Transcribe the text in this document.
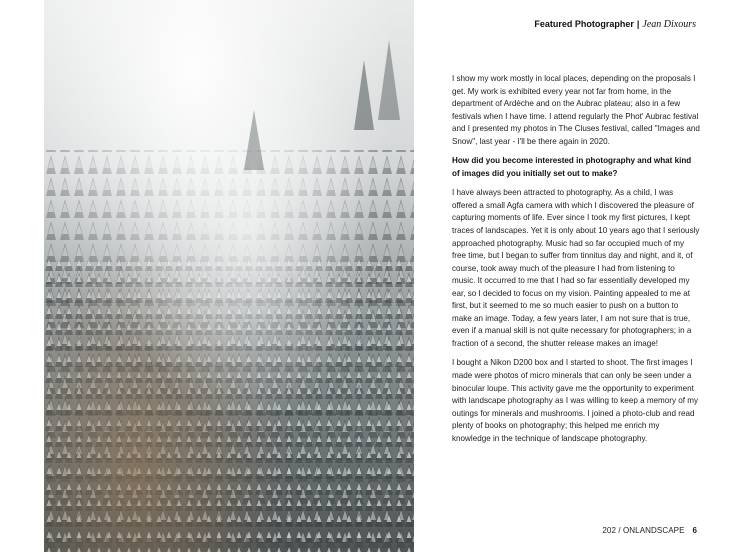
Featured Photographer | Jean Dixours

I show my work mostly in local places, depending on the proposals I get. My work is exhibited every year not far from home, in the department of Ardèche and on the Aubrac plateau; also in a few festivals when I have time. I attend regularly the Phot' Aubrac festival and I presented my photos in The Cluses festival, called "Images and Snow", last year - I'll be there again in 2020.

How did you become interested in photography and what kind of images did you initially set out to make?

I have always been attracted to photography. As a child, I was offered a small Agfa camera with which I discovered the pleasure of capturing moments of life. Ever since I took my first pictures, I kept traces of landscapes. Yet it is only about 10 years ago that I seriously approached photography. Music had so far occupied much of my free time, but I began to suffer from tinnitus day and night, and it, of course, took away much of the pleasure I had from listening to music. It occurred to me that I had so far essentially developed my ear, so I decided to focus on my vision. Painting appealed to me at first, but it seemed to me so much easier to push on a button to make an image. Today, a few years later, I am not sure that is true, even if a manual skill is not quite necessary for photographers; in a fraction of a second, the shutter release makes an image!

I bought a Nikon D200 box and I started to shoot. The first images I made were photos of micro minerals that can only be seen under a binocular loupe. This activity gave me the opportunity to experiment with landscape photography as I was willing to keep a memory of my outings for minerals and mushrooms. I joined a photo-club and read plenty of books on photography; this helped me enrich my knowledge in the technique of landscape photography.

202 / ONLANDSCAPE 6
